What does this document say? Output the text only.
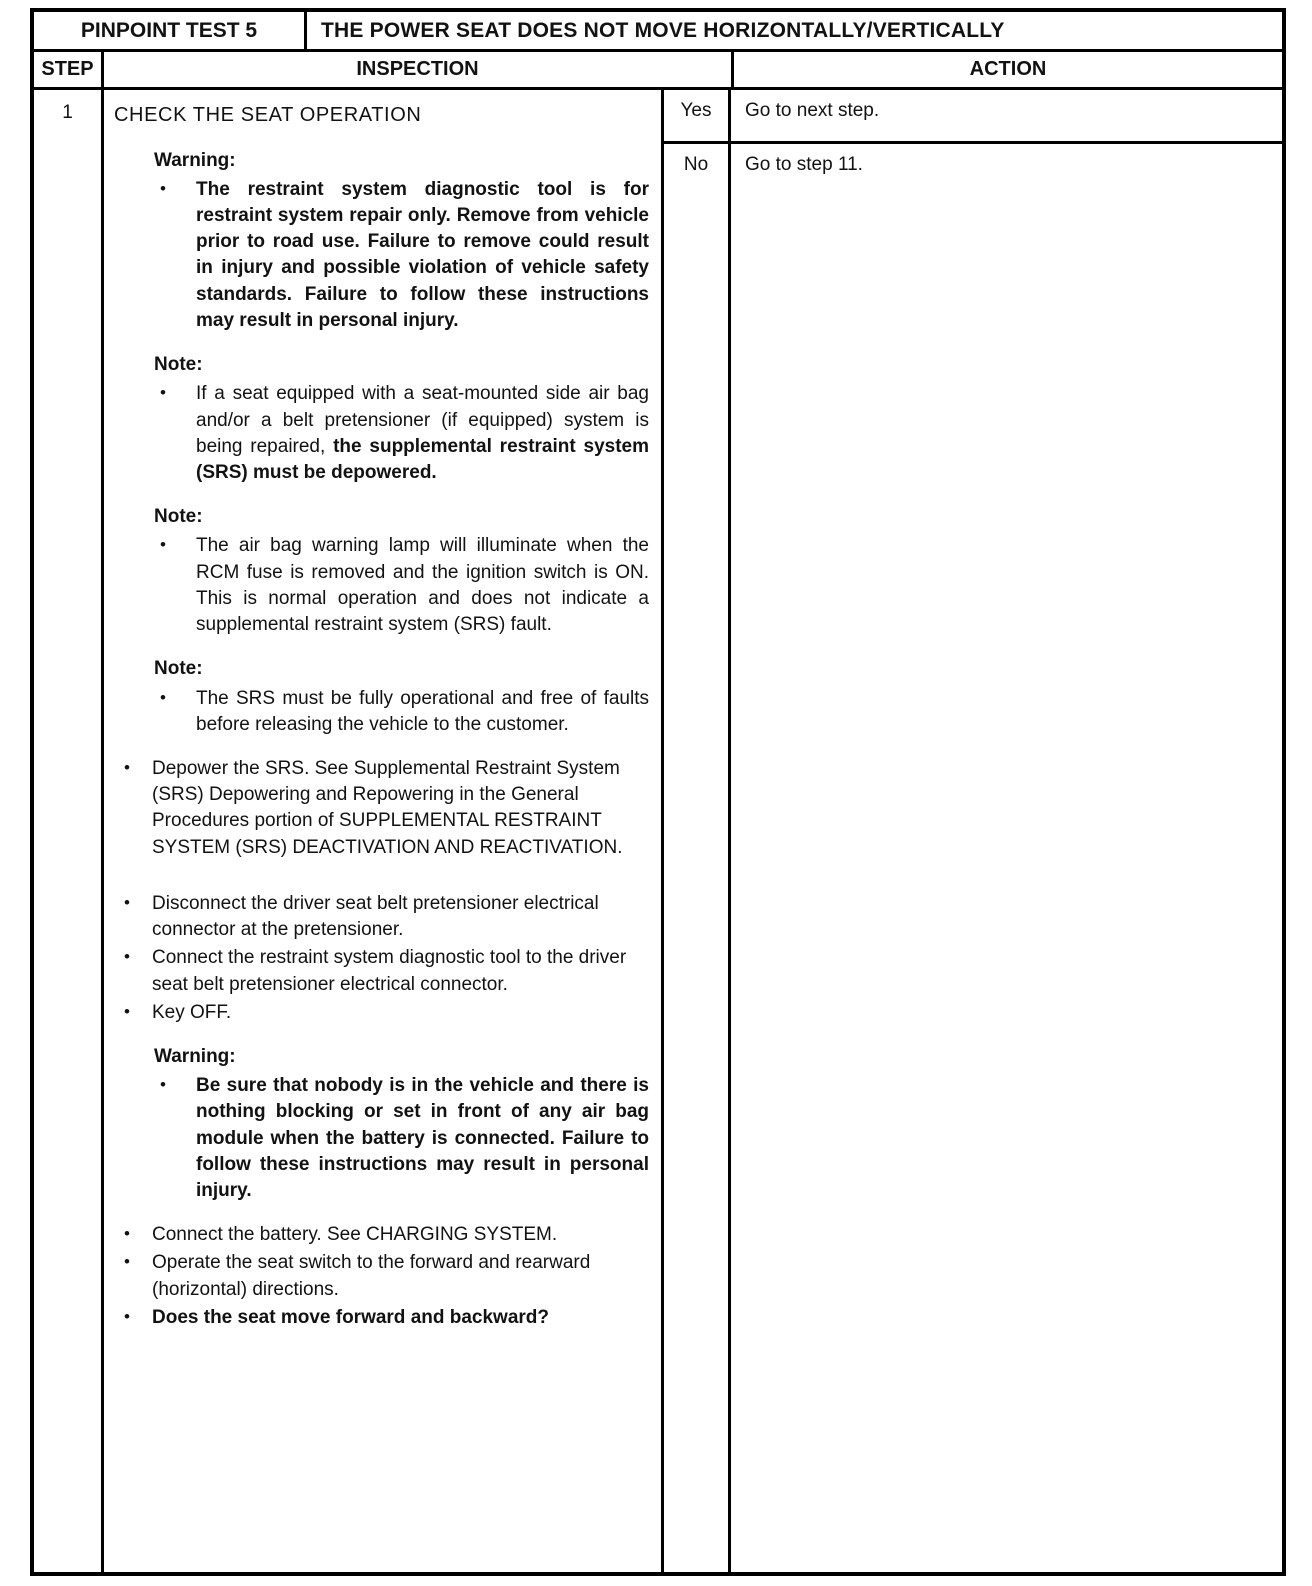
PINPOINT TEST 5	THE POWER SEAT DOES NOT MOVE HORIZONTALLY/VERTICALLY
STEP	INSPECTION	ACTION
1	CHECK THE SEAT OPERATION
Warning:
•	The restraint system diagnostic tool is for restraint system repair only. Remove from vehicle prior to road use. Failure to remove could result in injury and possible violation of vehicle safety standards. Failure to follow these instructions may result in personal injury.
Note:
•	If a seat equipped with a seat-mounted side air bag and/or a belt pretensioner (if equipped) system is being repaired, the supplemental restraint system (SRS) must be depowered.
Note:
•	The air bag warning lamp will illuminate when the RCM fuse is removed and the ignition switch is ON. This is normal operation and does not indicate a supplemental restraint system (SRS) fault.
Note:
•	The SRS must be fully operational and free of faults before releasing the vehicle to the customer.
•	Depower the SRS. See Supplemental Restraint System (SRS) Depowering and Repowering in the General Procedures portion of SUPPLEMENTAL RESTRAINT SYSTEM (SRS) DEACTIVATION AND REACTIVATION.
•	Disconnect the driver seat belt pretensioner electrical connector at the pretensioner.
•	Connect the restraint system diagnostic tool to the driver seat belt pretensioner electrical connector.
•	Key OFF.
Warning:
•	Be sure that nobody is in the vehicle and there is nothing blocking or set in front of any air bag module when the battery is connected. Failure to follow these instructions may result in personal injury.
•	Connect the battery. See CHARGING SYSTEM.
•	Operate the seat switch to the forward and rearward (horizontal) directions.
•	Does the seat move forward and backward?
Yes	Go to next step.
No	Go to step 11.
